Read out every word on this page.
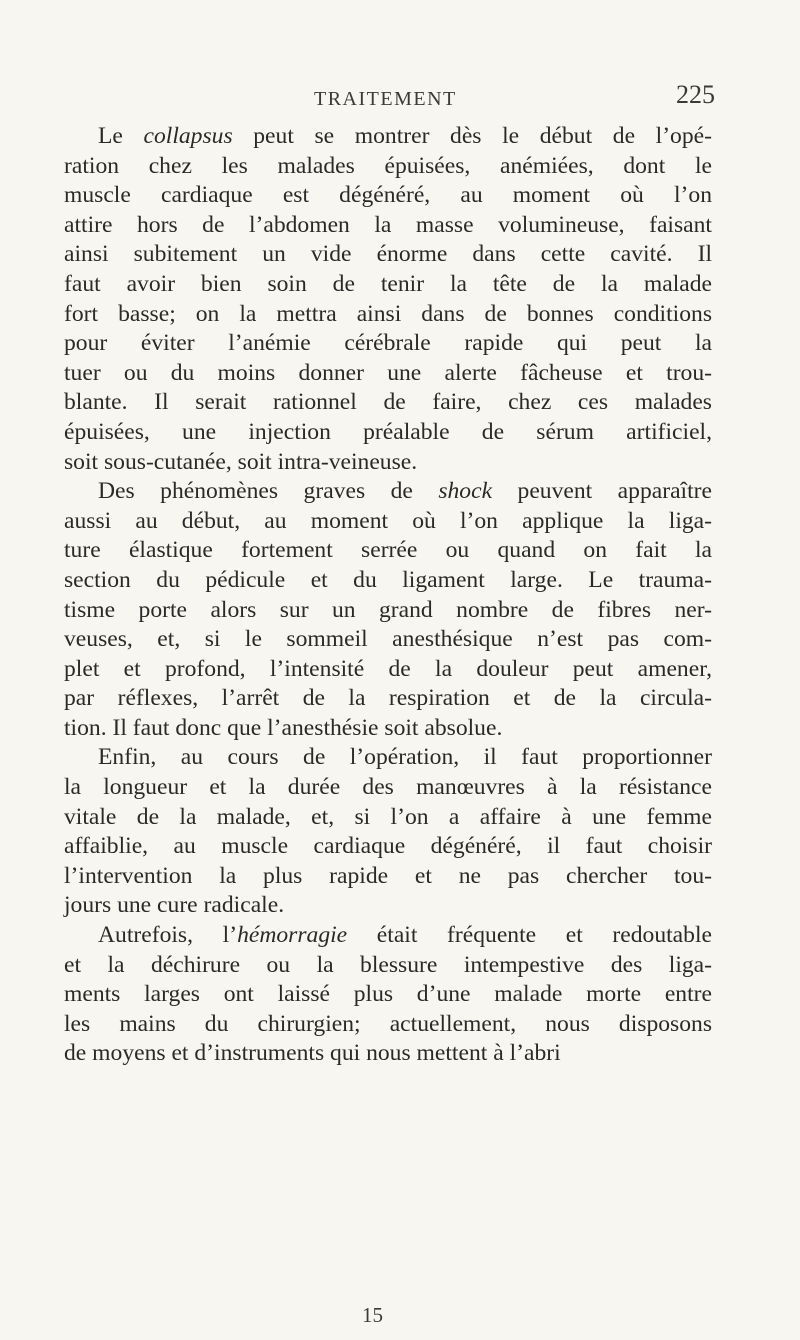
TRAITEMENT	225
Le collapsus peut se montrer dès le début de l’opé-
ration chez les malades épuisées, anémiées, dont le
muscle cardiaque est dégénéré, au moment où l’on
attire hors de l’abdomen la masse volumineuse, faisant
ainsi subitement un vide énorme dans cette cavité. Il
faut avoir bien soin de tenir la tête de la malade
fort basse; on la mettra ainsi dans de bonnes conditions
pour éviter l’anémie cérébrale rapide qui peut la
tuer ou du moins donner une alerte fâcheuse et trou-
blante. Il serait rationnel de faire, chez ces malades
épuisées, une injection préalable de sérum artificiel,
soit sous-cutanée, soit intra-veineuse.
Des phénomènes graves de shock peuvent apparaître
aussi au début, au moment où l’on applique la liga-
ture élastique fortement serrée ou quand on fait la
section du pédicule et du ligament large. Le trauma-
tisme porte alors sur un grand nombre de fibres ner-
veuses, et, si le sommeil anesthésique n’est pas com-
plet et profond, l’intensité de la douleur peut amener,
par réflexes, l’arrêt de la respiration et de la circula-
tion. Il faut donc que l’anesthésie soit absolue.
Enfin, au cours de l’opération, il faut proportionner
la longueur et la durée des manœuvres à la résistance
vitale de la malade, et, si l’on a affaire à une femme
affaiblie, au muscle cardiaque dégénéré, il faut choisir
l’intervention la plus rapide et ne pas chercher tou-
jours une cure radicale.
Autrefois, l’hémorragie était fréquente et redoutable
et la déchirure ou la blessure intempestive des liga-
ments larges ont laissé plus d’une malade morte entre
les mains du chirurgien; actuellement, nous disposons
de moyens et d’instruments qui nous mettent à l’abri
15
